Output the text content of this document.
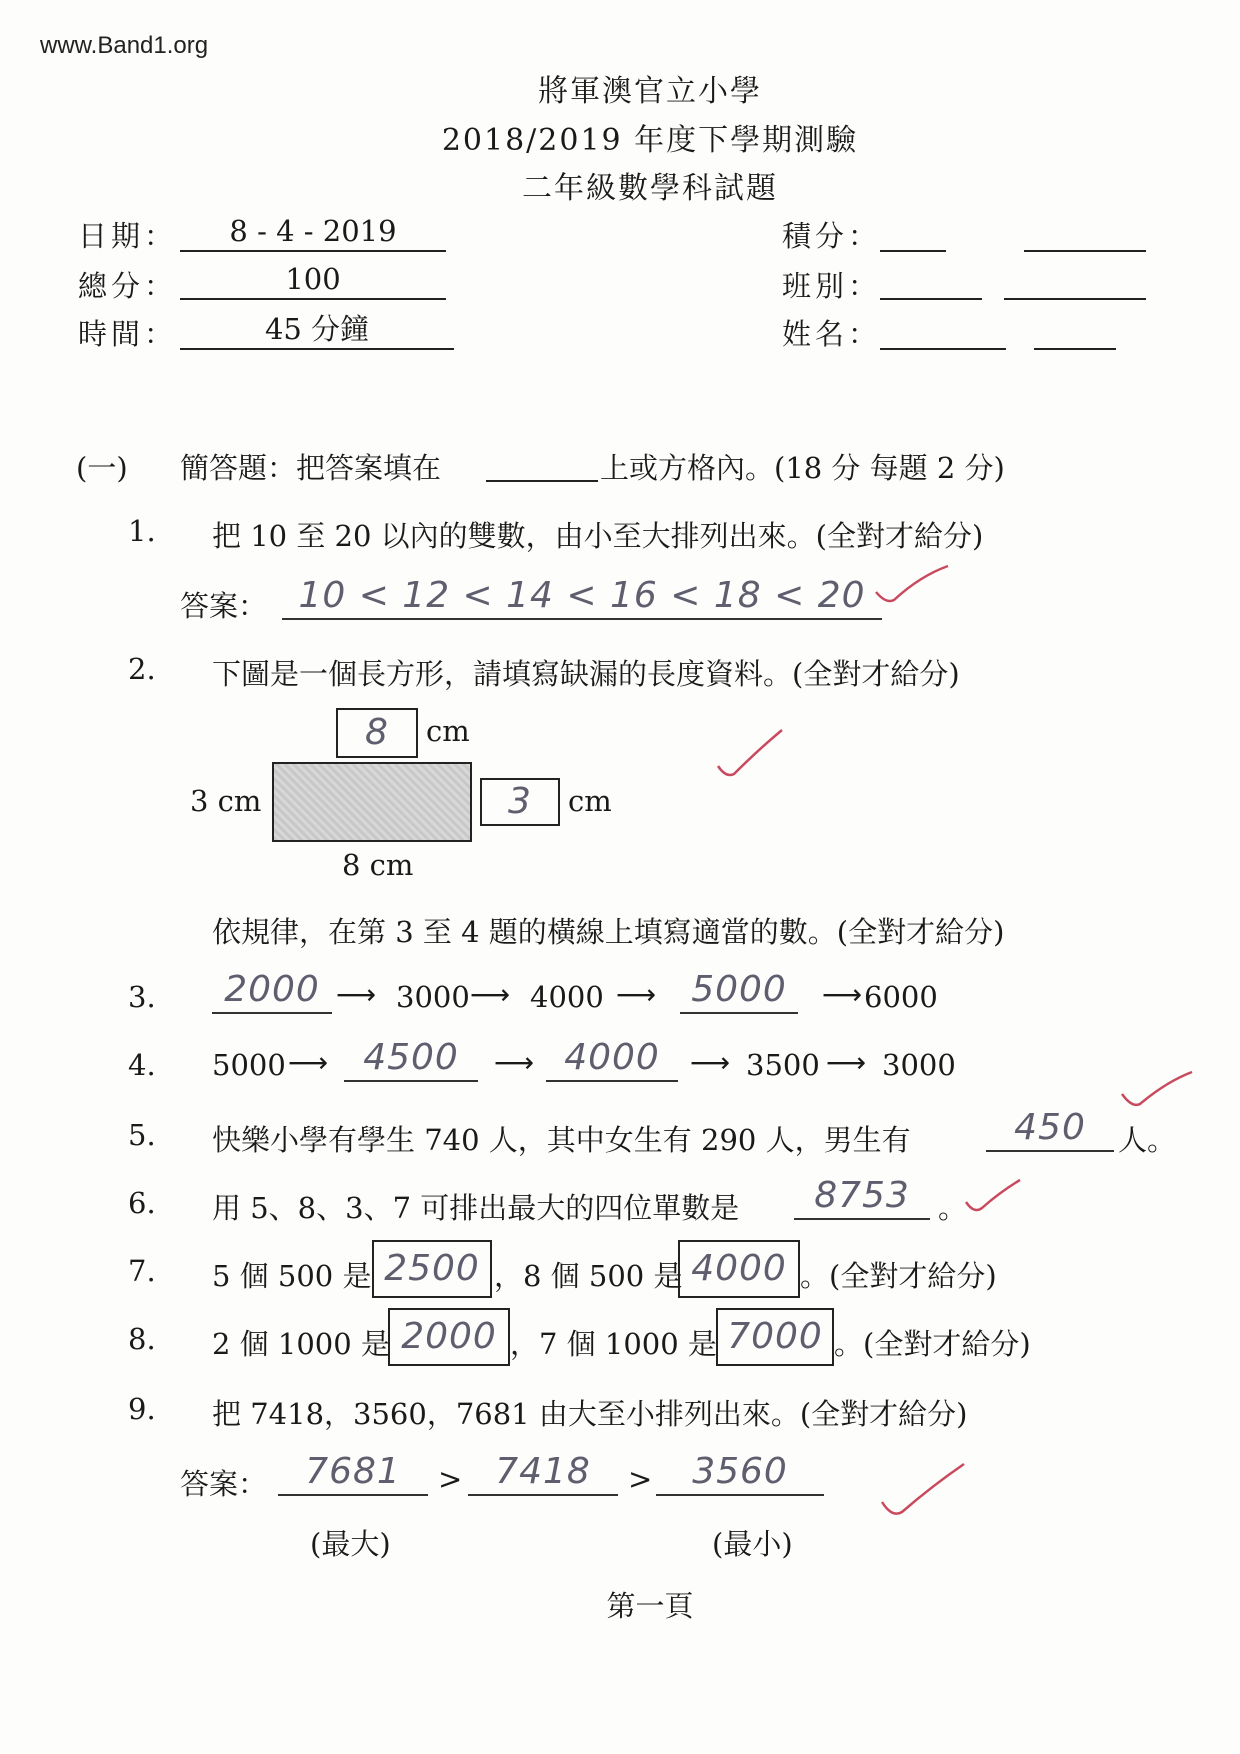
www.Band1.org
將軍澳官立小學
2018/2019 年度下學期測驗
二年級數學科試題
日期：	8 - 4 - 2019
總分：	100
時間：	45 分鐘
積分：
班別：
姓名：
(一) 簡答題：把答案填在	上或方格內。(18 分 每題 2 分)
1. 把 10 至 20 以內的雙數，由小至大排列出來。(全對才給分)
答案： 10 < 12 < 14 < 16 < 18 < 20
2. 下圖是一個長方形，請填寫缺漏的長度資料。(全對才給分)
8	cm
3 cm	3	cm
8 cm
依規律，在第 3 至 4 題的橫線上填寫適當的數。(全對才給分)
3.	2000 ⟶ 3000 ⟶ 4000 ⟶ 5000	⟶ 6000
4. 5000 ⟶ 4500	⟶ 4000	⟶ 3500 ⟶ 3000
5. 快樂小學有學生 740 人，其中女生有 290 人，男生有	450	人。
6. 用 5、8、3、7 可排出最大的四位單數是	8753 。
7. 5 個 500 是 2500 ，8 個 500 是 4000 。(全對才給分)
8. 2 個 1000 是 2000 ，7 個 1000 是 7000 。(全對才給分)
9. 把 7418，3560，7681 由大至小排列出來。(全對才給分)
答案：	7681	> 7418	>	3560
(最大)	(最小)
第一頁
